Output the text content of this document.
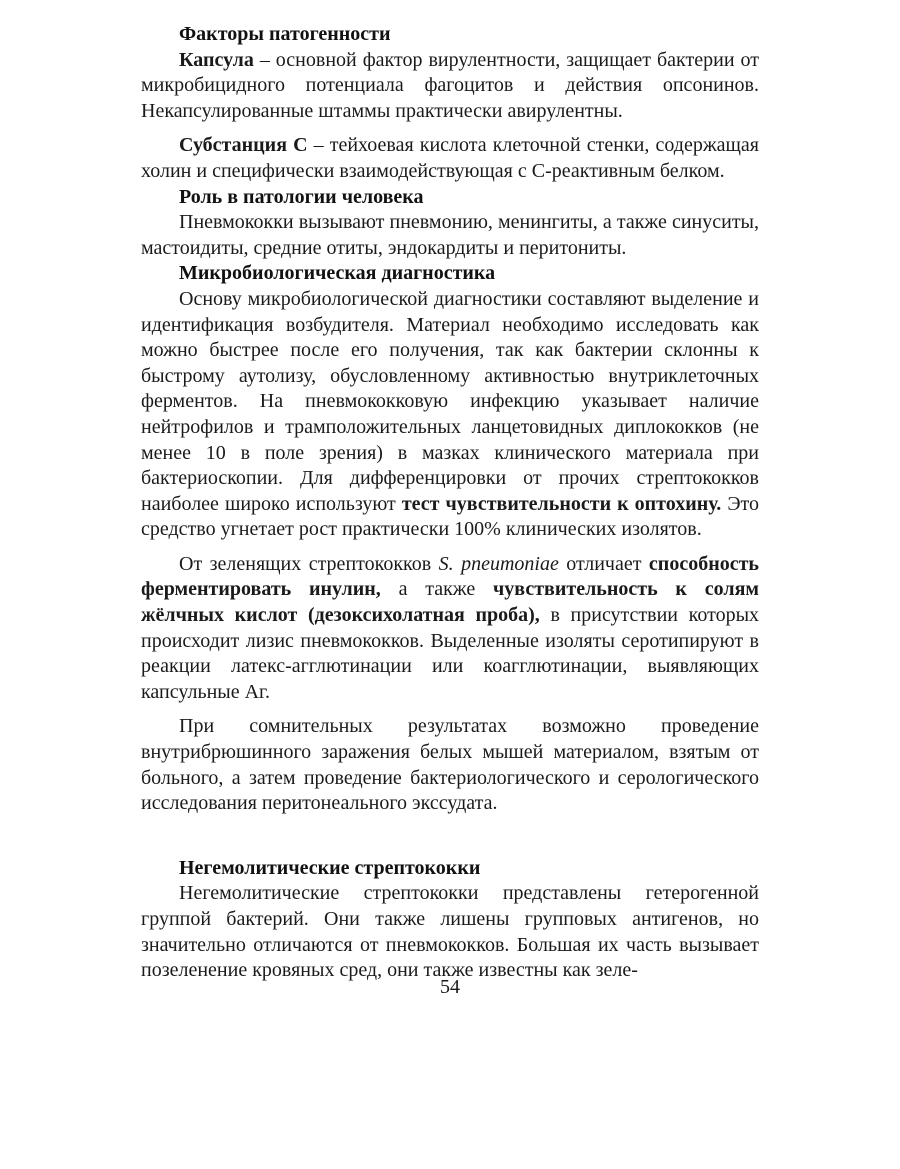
Факторы патогенности

Капсула – основной фактор вирулентности, защищает бактерии от микробицидного потенциала фагоцитов и действия опсонинов. Некапсулированные штаммы практически авирулентны.

Субстанция С – тейхоевая кислота клеточной стенки, содержащая холин и специфически взаимодействующая с С-реактивным белком.

Роль в патологии человека

Пневмококки вызывают пневмонию, менингиты, а также синуситы, мастоидиты, средние отиты, эндокардиты и перитониты.

Микробиологическая диагностика

Основу микробиологической диагностики составляют выделение и идентификация возбудителя. Материал необходимо исследовать как можно быстрее после его получения, так как бактерии склонны к быстрому аутолизу, обусловленному активностью внутриклеточных ферментов. На пневмококковую инфекцию указывает наличие нейтрофилов и трамположительных ланцетовидных диплококков (не менее 10 в поле зрения) в мазках клинического материала при бактериоскопии. Для дифференцировки от прочих стрептококков наиболее широко используют тест чувствительности к оптохину. Это средство угнетает рост практически 100% клинических изолятов.

От зеленящих стрептококков S. pneumoniae отличает способность ферментировать инулин, а также чувствительность к солям жёлчных кислот (дезоксихолатная проба), в присутствии которых происходит лизис пневмококков. Выделенные изоляты серотипируют в реакции латекс-агглютинации или коагглютинации, выявляющих капсульные Аг.

При сомнительных результатах возможно проведение внутрибрюшинного заражения белых мышей материалом, взятым от больного, а затем проведение бактериологического и серологического исследования перитонеального экссудата.

Негемолитические стрептококки

Негемолитические стрептококки представлены гетерогенной группой бактерий. Они также лишены групповых антигенов, но значительно отличаются от пневмококков. Большая их часть вызывает позеленение кровяных сред, они также известны как зеле-

54
